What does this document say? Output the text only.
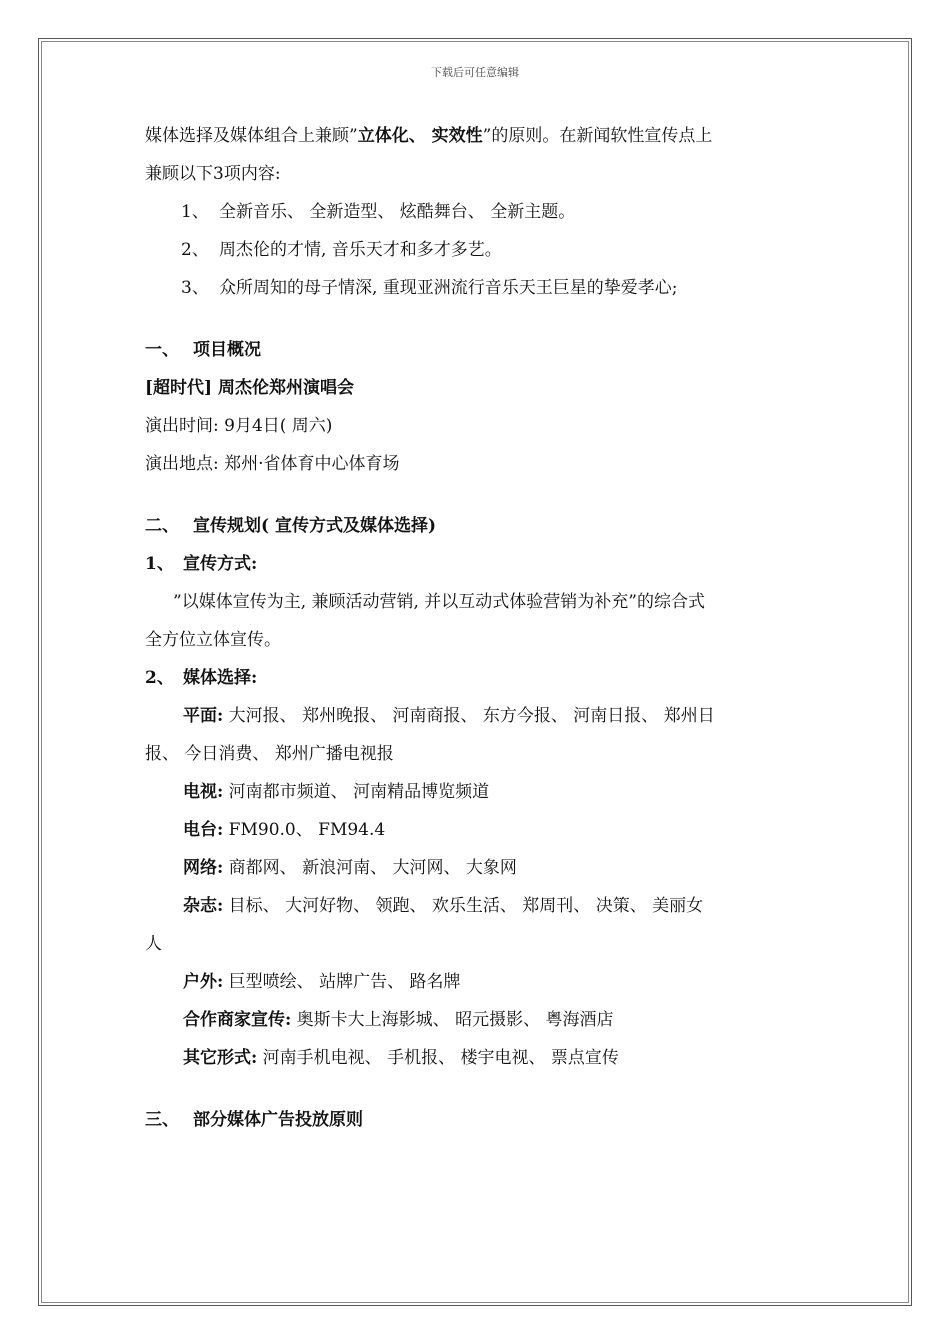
下载后可任意编辑
媒体选择及媒体组合上兼顾”立体化、 实效性”的原则。在新闻软性宣传点上
兼顾以下3项内容:
1、 全新音乐、 全新造型、 炫酷舞台、 全新主题。
2、 周杰伦的才情, 音乐天才和多才多艺。
3、 众所周知的母子情深, 重现亚洲流行音乐天王巨星的挚爱孝心;
一、 项目概况
[超时代] 周杰伦郑州演唱会
演出时间: 9月4日( 周六)
演出地点: 郑州·省体育中心体育场
二、 宣传规划( 宣传方式及媒体选择)
1、 宣传方式:
”以媒体宣传为主, 兼顾活动营销, 并以互动式体验营销为补充”的综合式
全方位立体宣传。
2、 媒体选择:
平面: 大河报、 郑州晚报、 河南商报、 东方今报、 河南日报、 郑州日
报、 今日消费、 郑州广播电视报
电视: 河南都市频道、 河南精品博览频道
电台: FM90.0、 FM94.4
网络: 商都网、 新浪河南、 大河网、 大象网
杂志: 目标、 大河好物、 领跑、 欢乐生活、 郑周刊、 决策、 美丽女
人
户外: 巨型喷绘、 站牌广告、 路名牌
合作商家宣传: 奥斯卡大上海影城、 昭元摄影、 粤海酒店
其它形式: 河南手机电视、 手机报、 楼宇电视、 票点宣传
三、 部分媒体广告投放原则
